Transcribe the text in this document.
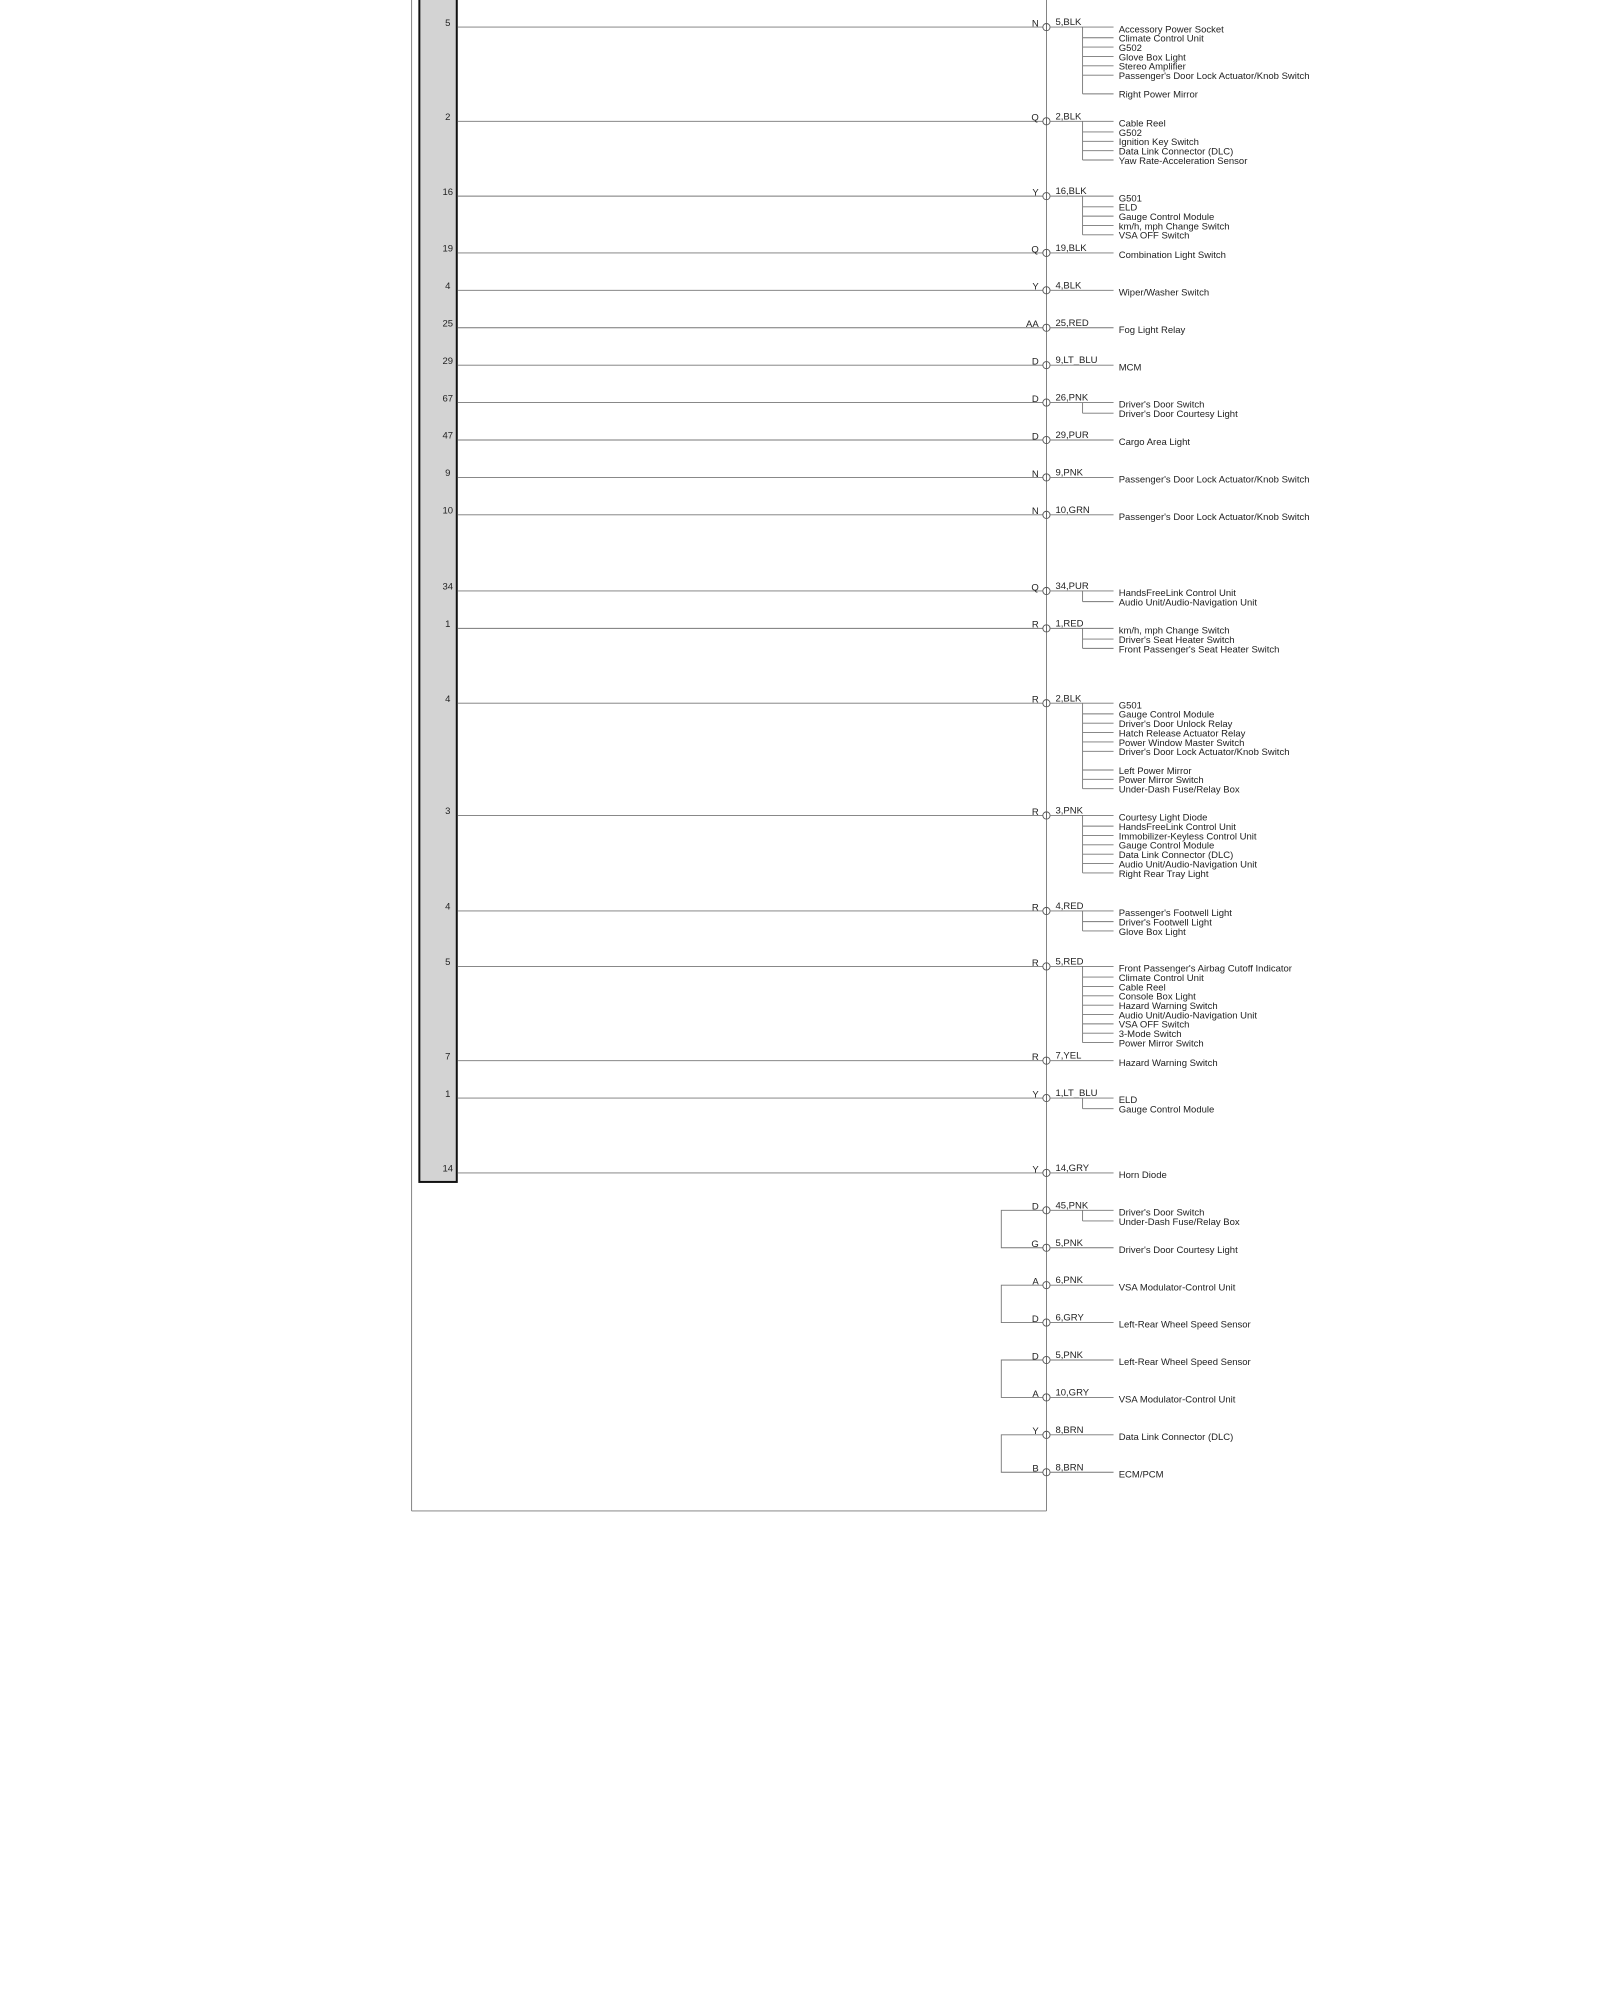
5	N 5,BLK
Accessory Power Socket
Climate Control Unit
G502
Glove Box Light
Stereo Amplifier
Passenger's Door Lock Actuator/Knob Switch
Right Power Mirror
2	Q 2,BLK
Cable Reel
G502
Ignition Key Switch
Data Link Connector (DLC)
Yaw Rate-Acceleration Sensor
16	Y 16,BLK
G501
ELD
Gauge Control Module
km/h, mph Change Switch
VSA OFF Switch
19	Q 19,BLK
Combination Light Switch
4	Y 4,BLK
Wiper/Washer Switch
25	AA 25,RED
Fog Light Relay
29	D 9,LT_BLU
MCM
67	D 26,PNK
Driver's Door Switch
Driver's Door Courtesy Light
47	D 29,PUR
Cargo Area Light
9	N 9,PNK
Passenger's Door Lock Actuator/Knob Switch
10	N 10,GRN
Passenger's Door Lock Actuator/Knob Switch
34	Q 34,PUR
HandsFreeLink Control Unit
Audio Unit/Audio-Navigation Unit
1	R 1,RED
km/h, mph Change Switch
Driver's Seat Heater Switch
Front Passenger's Seat Heater Switch
4	R 2,BLK
G501
Gauge Control Module
Driver's Door Unlock Relay
Hatch Release Actuator Relay
Power Window Master Switch
Driver's Door Lock Actuator/Knob Switch
Left Power Mirror
Power Mirror Switch
Under-Dash Fuse/Relay Box
3	R 3,PNK
Courtesy Light Diode
HandsFreeLink Control Unit
Immobilizer-Keyless Control Unit
Gauge Control Module
Data Link Connector (DLC)
Audio Unit/Audio-Navigation Unit
Right Rear Tray Light
4	R 4,RED
Passenger's Footwell Light
Driver's Footwell Light
Glove Box Light
5	R 5,RED
Front Passenger's Airbag Cutoff Indicator
Climate Control Unit
Cable Reel
Console Box Light
Hazard Warning Switch
Audio Unit/Audio-Navigation Unit
VSA OFF Switch
3-Mode Switch
Power Mirror Switch
7	R 7,YEL
Hazard Warning Switch
1	Y 1,LT_BLU
ELD
Gauge Control Module
14	Y 14,GRY
Horn Diode
D 45,PNK
Driver's Door Switch
Under-Dash Fuse/Relay Box
G 5,PNK
Driver's Door Courtesy Light
A 6,PNK
VSA Modulator-Control Unit
D 6,GRY
Left-Rear Wheel Speed Sensor
D 5,PNK
Left-Rear Wheel Speed Sensor
A 10,GRY
VSA Modulator-Control Unit
Y 8,BRN
Data Link Connector (DLC)
B 8,BRN
ECM/PCM
